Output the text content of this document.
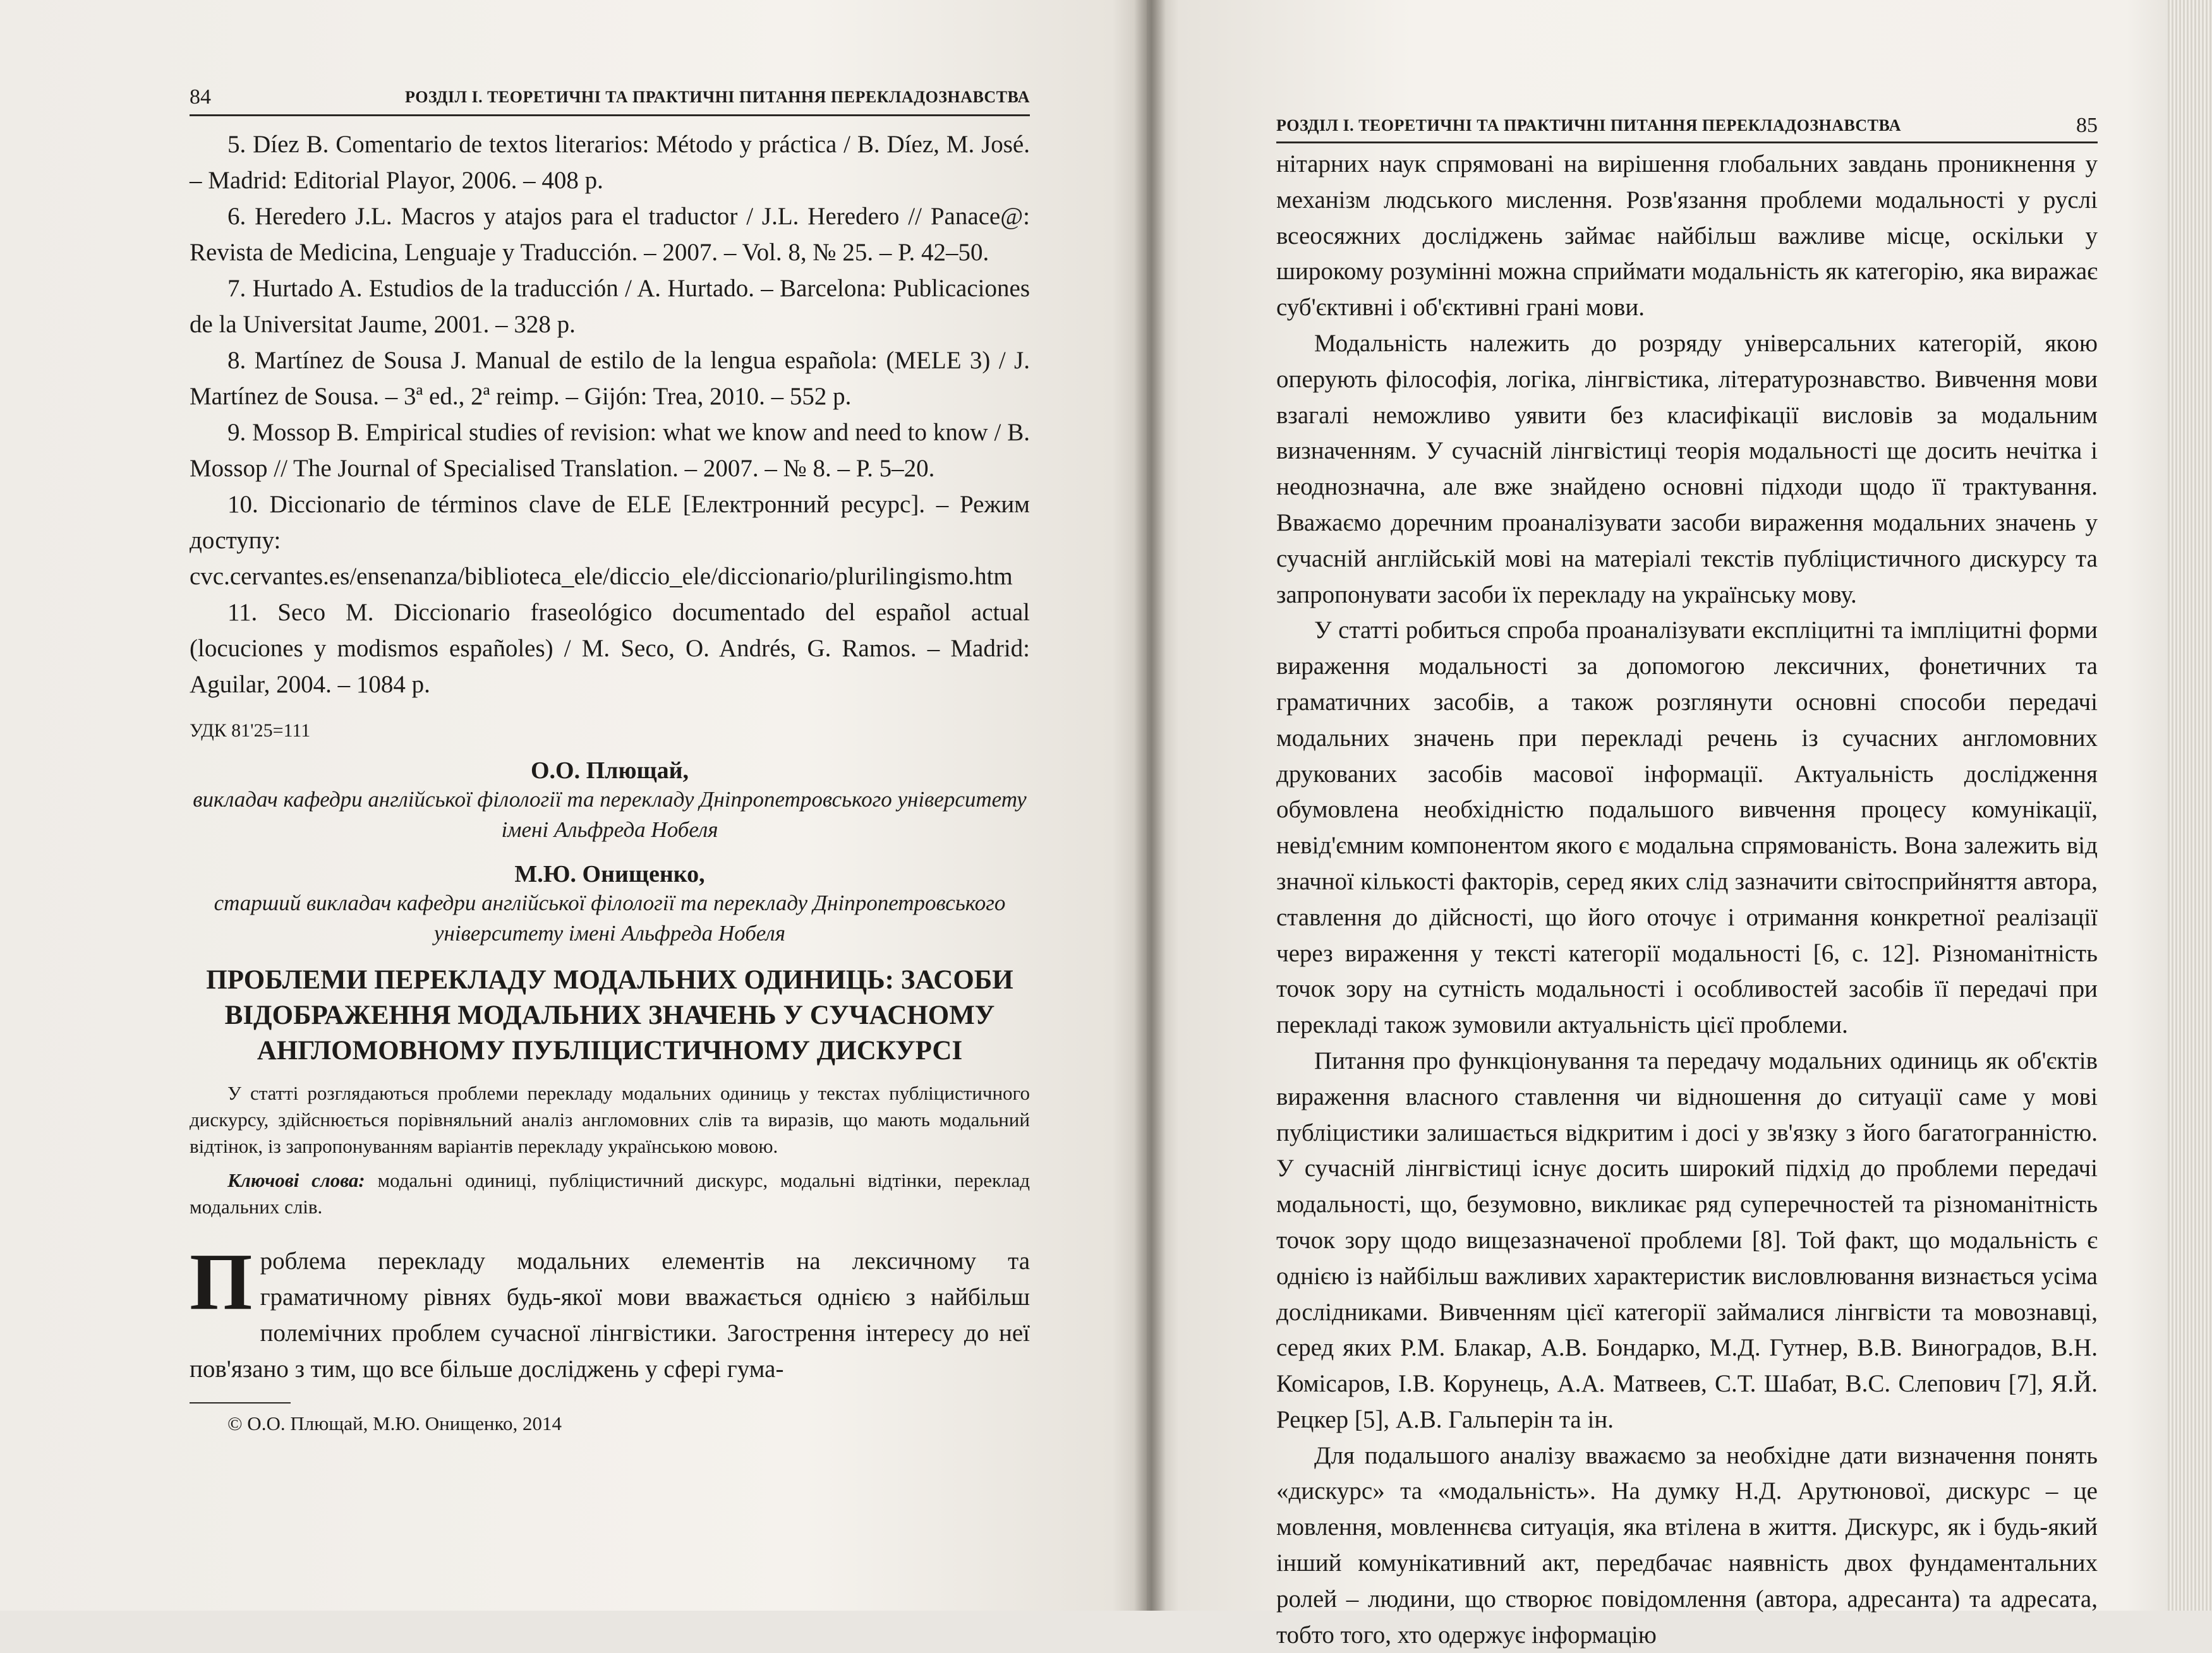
84	РОЗДІЛ І. ТЕОРЕТИЧНІ ТА ПРАКТИЧНІ ПИТАННЯ ПЕРЕКЛАДОЗНАВСТВА

5. Díez B. Comentario de textos literarios: Método y práctica / B. Díez, M. José. – Madrid: Editorial Playor, 2006. – 408 p.

6. Heredero J.L. Macros y atajos para el traductor / J.L. Heredero // Panace@: Revista de Medicina, Lenguaje y Traducción. – 2007. – Vol. 8, № 25. – P. 42–50.

7. Hurtado A. Estudios de la traducción / A. Hurtado. – Barcelona: Publicaciones de la Universitat Jaume, 2001. – 328 p.

8. Martínez de Sousa J. Manual de estilo de la lengua española: (MELE 3) / J. Martínez de Sousa. – 3ª ed., 2ª reimp. – Gijón: Trea, 2010. – 552 p.

9. Mossop B. Empirical studies of revision: what we know and need to know / B. Mossop // The Journal of Specialised Translation. – 2007. – № 8. – P. 5–20.

10. Diccionario de términos clave de ELE [Електронний ресурс]. – Режим доступу: cvc.cervantes.es/ensenanza/biblioteca_ele/diccio_ele/diccionario/plurilingismo.htm

11. Seco M. Diccionario fraseológico documentado del español actual (locuciones y modismos españoles) / M. Seco, O. Andrés, G. Ramos. – Madrid: Aguilar, 2004. – 1084 p.

УДК 81'25=111
О.О. Плющай,
викладач кафедри англійської філології та перекладу Дніпропетровського університету імені Альфреда Нобеля
М.Ю. Онищенко,
старший викладач кафедри англійської філології та перекладу Дніпропетровського університету імені Альфреда Нобеля
ПРОБЛЕМИ ПЕРЕКЛАДУ МОДАЛЬНИХ ОДИНИЦЬ: ЗАСОБИ ВІДОБРАЖЕННЯ МОДАЛЬНИХ ЗНАЧЕНЬ У СУЧАСНОМУ АНГЛОМОВНОМУ ПУБЛІЦИСТИЧНОМУ ДИСКУРСІ
У статті розглядаються проблеми перекладу модальних одиниць у текстах публіцистичного дискурсу, здійснюється порівняльний аналіз англомовних слів та виразів, що мають модальний відтінок, із запропонуванням варіантів перекладу українською мовою.
Ключові слова: модальні одиниці, публіцистичний дискурс, модальні відтінки, переклад модальних слів.
П роблема перекладу модальних елементів на лексичному та граматичному рівнях будь-якої мови вважається однією з найбільш полемічних проблем сучасної лінгвістики. Загострення інтересу до неї пов'язано з тим, що все більше досліджень у сфері гума-
© О.О. Плющай, М.Ю. Онищенко, 2014
РОЗДІЛ І. ТЕОРЕТИЧНІ ТА ПРАКТИЧНІ ПИТАННЯ ПЕРЕКЛАДОЗНАВСТВА	85

нітарних наук спрямовані на вирішення глобальних завдань проникнення у механізм людського мислення. Розв'язання проблеми модальності у руслі всеосяжних досліджень займає найбільш важливе місце, оскільки у широкому розумінні можна сприймати модальність як категорію, яка виражає суб'єктивні і об'єктивні грані мови.

Модальність належить до розряду універсальних категорій, якою оперують філософія, логіка, лінгвістика, літературознавство. Вивчення мови взагалі неможливо уявити без класифікації висловів за модальним визначенням. У сучасній лінгвістиці теорія модальності ще досить нечітка і неоднозначна, але вже знайдено основні підходи щодо її трактування. Вважаємо доречним проаналізувати засоби вираження модальних значень у сучасній англійській мові на матеріалі текстів публіцистичного дискурсу та запропонувати засоби їх перекладу на українську мову.

У статті робиться спроба проаналізувати експліцитні та імпліцитні форми вираження модальності за допомогою лексичних, фонетичних та граматичних засобів, а також розглянути основні способи передачі модальних значень при перекладі речень із сучасних англомовних друкованих засобів масової інформації. Актуальність дослідження обумовлена необхідністю подальшого вивчення процесу комунікації, невід'ємним компонентом якого є модальна спрямованість. Вона залежить від значної кількості факторів, серед яких слід зазначити світосприйняття автора, ставлення до дійсності, що його оточує і отримання конкретної реалізації через вираження у тексті категорії модальності [6, с. 12]. Різноманітність точок зору на сутність модальності і особливостей засобів її передачі при перекладі також зумовили актуальність цієї проблеми.

Питання про функціонування та передачу модальних одиниць як об'єктів вираження власного ставлення чи відношення до ситуації саме у мові публіцистики залишається відкритим і досі у зв'язку з його багатогранністю. У сучасній лінгвістиці існує досить широкий підхід до проблеми передачі модальності, що, безумовно, викликає ряд суперечностей та різноманітність точок зору щодо вищезазначеної проблеми [8]. Той факт, що модальність є однією із найбільш важливих характеристик висловлювання визнається усіма дослідниками. Вивченням цієї категорії займалися лінгвісти та мовознавці, серед яких Р.М. Блакар, А.В. Бондарко, М.Д. Гутнер, В.В. Виноградов, В.Н. Комісаров, І.В. Корунець, А.А. Матвеев, С.Т. Шабат, В.С. Слепович [7], Я.Й. Рецкер [5], А.В. Гальперін та ін.

Для подальшого аналізу вважаємо за необхідне дати визначення понять «дискурс» та «модальність». На думку Н.Д. Арутюнової, дискурс – це мовлення, мовленнєва ситуація, яка втілена в життя. Дискурс, як і будь-який інший комунікативний акт, передбачає наявність двох фундаментальних ролей – людини, що створює повідомлення (автора, адресанта) та адресата, тобто того, хто одержує інформацію
